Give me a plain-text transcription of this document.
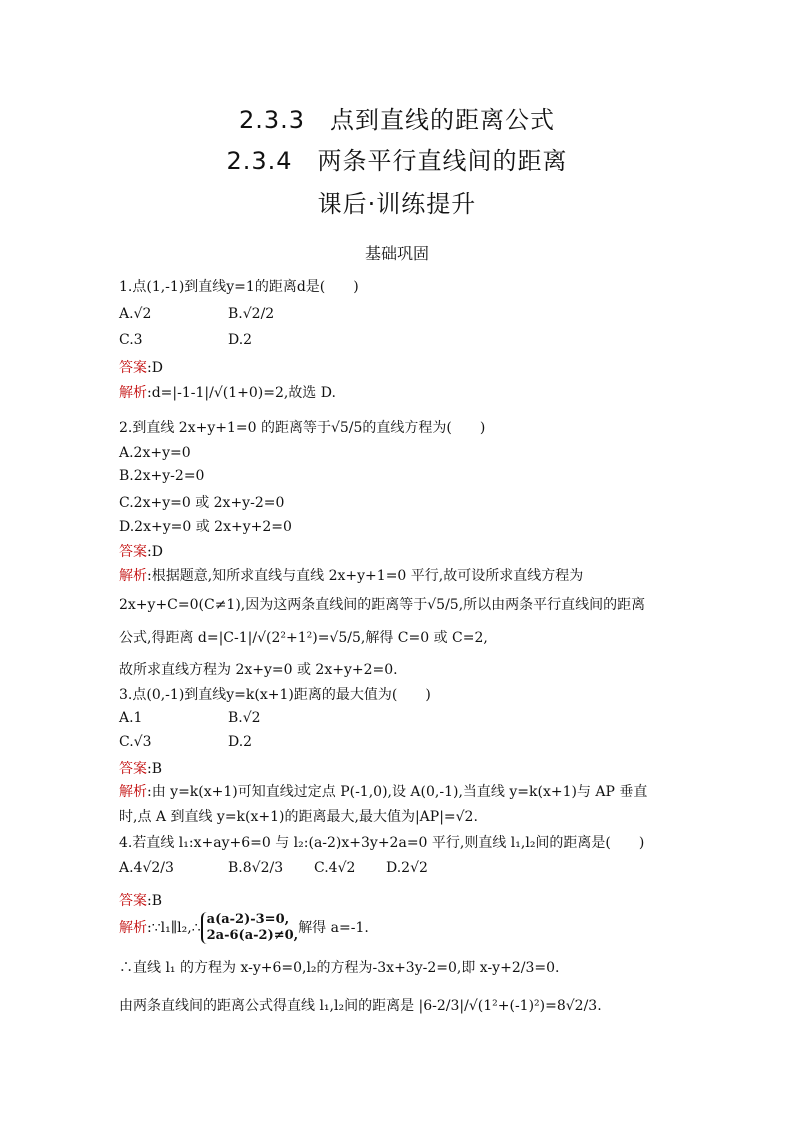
2.3.3　点到直线的距离公式
2.3.4　两条平行直线间的距离
课后·训练提升
基础巩固
1.点(1,-1)到直线y=1的距离d是(　　)
A.√2	B.√2/2
C.3	D.2
答案:D
解析:d=|-1-1|/√(1+0)=2,故选 D.
2.到直线 2x+y+1=0 的距离等于√5/5的直线方程为(　　)
A.2x+y=0
B.2x+y-2=0
C.2x+y=0 或 2x+y-2=0
D.2x+y=0 或 2x+y+2=0
答案:D
解析:根据题意,知所求直线与直线 2x+y+1=0 平行,故可设所求直线方程为
2x+y+C=0(C≠1),因为这两条直线间的距离等于√5/5,所以由两条平行直线间的距离
公式,得距离 d=|C-1|/√(2²+1²)=√5/5,解得 C=0 或 C=2,
故所求直线方程为 2x+y=0 或 2x+y+2=0.
3.点(0,-1)到直线y=k(x+1)距离的最大值为(　　)
A.1	B.√2
C.√3	D.2
答案:B
解析:由 y=k(x+1)可知直线过定点 P(-1,0),设 A(0,-1),当直线 y=k(x+1)与 AP 垂直
时,点 A 到直线 y=k(x+1)的距离最大,最大值为|AP|=√2.
4.若直线 l₁:x+ay+6=0 与 l₂:(a-2)x+3y+2a=0 平行,则直线 l₁,l₂间的距离是(　　)
A.4√2/3	B.8√2/3 C.4√2 D.2√2
答案:B
解析:∵l₁∥l₂,∴
a(a-2)-3=0,
2a-6(a-2)≠0, 解得 a=-1.
∴直线 l₁ 的方程为 x-y+6=0,l₂的方程为-3x+3y-2=0,即 x-y+2/3=0.
由两条直线间的距离公式得直线 l₁,l₂间的距离是 |6-2/3|/√(1²+(-1)²)=8√2/3.
